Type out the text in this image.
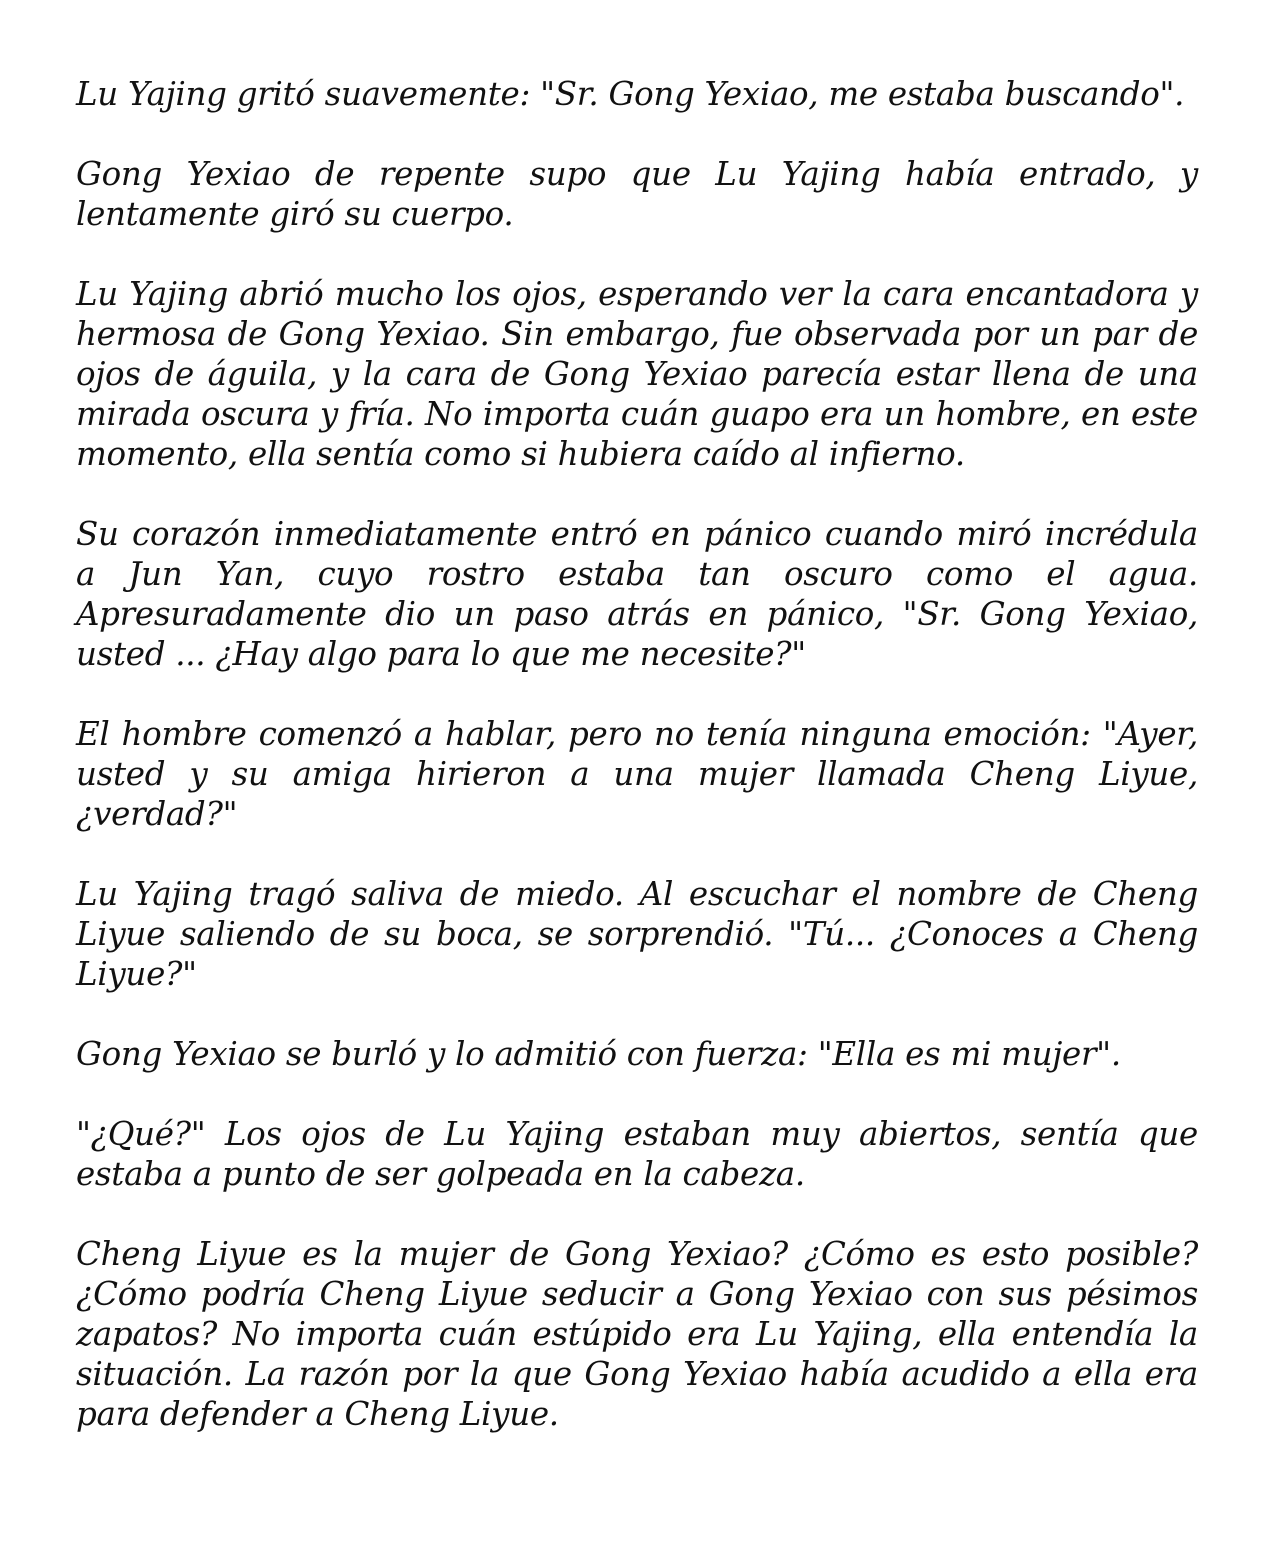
Lu Yajing gritó suavemente: "Sr. Gong Yexiao, me estaba buscando".

Gong Yexiao de repente supo que Lu Yajing había entrado, y lentamente giró su cuerpo.

Lu Yajing abrió mucho los ojos, esperando ver la cara encantadora y hermosa de Gong Yexiao. Sin embargo, fue observada por un par de ojos de águila, y la cara de Gong Yexiao parecía estar llena de una mirada oscura y fría. No importa cuán guapo era un hombre, en este momento, ella sentía como si hubiera caído al infierno.

Su corazón inmediatamente entró en pánico cuando miró incrédula a Jun Yan, cuyo rostro estaba tan oscuro como el agua. Apresuradamente dio un paso atrás en pánico, "Sr. Gong Yexiao, usted ... ¿Hay algo para lo que me necesite?"

El hombre comenzó a hablar, pero no tenía ninguna emoción: "Ayer, usted y su amiga hirieron a una mujer llamada Cheng Liyue, ¿verdad?"

Lu Yajing tragó saliva de miedo. Al escuchar el nombre de Cheng Liyue saliendo de su boca, se sorprendió. "Tú... ¿Conoces a Cheng Liyue?"

Gong Yexiao se burló y lo admitió con fuerza: "Ella es mi mujer".

"¿Qué?" Los ojos de Lu Yajing estaban muy abiertos, sentía que estaba a punto de ser golpeada en la cabeza.

Cheng Liyue es la mujer de Gong Yexiao? ¿Cómo es esto posible? ¿Cómo podría Cheng Liyue seducir a Gong Yexiao con sus pésimos zapatos? No importa cuán estúpido era Lu Yajing, ella entendía la situación. La razón por la que Gong Yexiao había acudido a ella era para defender a Cheng Liyue.
